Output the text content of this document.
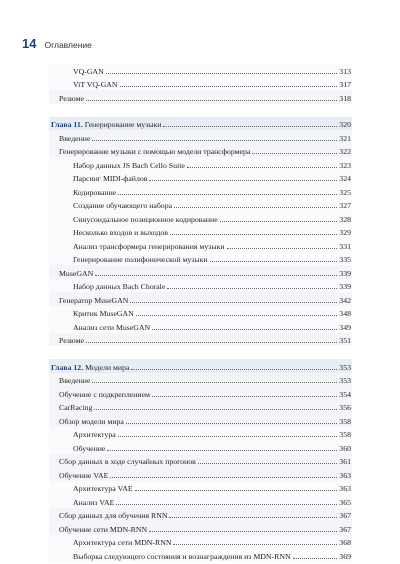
14 Оглавление
VQ-GAN	313
ViT VQ-GAN	317
Резюме	318
Глава 11. Генерирование музыки	320
Введение	321
Генерирование музыки с помощью модели трансформера	322
Набор данных JS Bach Cello Suite	323
Парсинг MIDI-файлов	324
Кодирование	325
Создание обучающего набора	327
Синусоидальное позиционное кодирование	328
Несколько входов и выходов	329
Анализ трансформера генерирования музыки	331
Генерирование полифонической музыки	335
MuseGAN	339
Набор данных Bach Chorale	339
Генератор MuseGAN	342
Критик MuseGAN	348
Анализ сети MuseGAN	349
Резюме	351
Глава 12. Модели мира	353
Введение	353
Обучение с подкреплением	354
CarRacing	356
Обзор модели мира	358
Архитектура	358
Обучение	360
Сбор данных в ходе случайных прогонов	361
Обучение VAE	363
Архитектура VAE	363
Анализ VAE	365
Сбор данных для обучения RNN	367
Обучение сети MDN-RNN	367
Архитектура сети MDN-RNN	368
Выборка следующего состояния и вознаграждения из MDN-RNN	369
